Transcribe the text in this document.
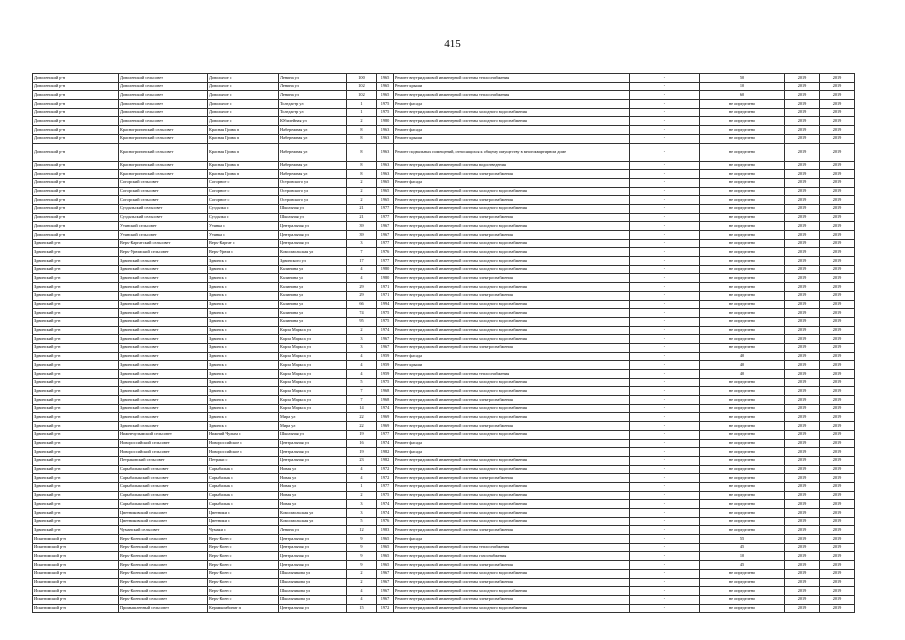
415
Доволенский р-н	Доволенский сельсовет	Довольное с	Ленина ул	100	1965	Ремонт внутридомовой инженерной системы теплоснабжения	-	50	2019	2019
Доволенский р-н	Доволенский сельсовет	Довольное с	Ленина ул	102	1965	Ремонт крыши	-	10	2019	2019
Доволенский р-н	Доволенский сельсовет	Довольное с	Ленина ул	102	1965	Ремонт внутридомовой инженерной системы теплоснабжения	-	60	2019	2019
Доволенский р-н	Доволенский сельсовет	Довольное с	Толедагтр ул	1	1975	Ремонт фасада	-	не определено	2019	2019
Доволенский р-н	Доволенский сельсовет	Довольное с	Толедагтр ул	1	1975	Ремонт внутридомовой инженерной системы холодного водоснабжения	-	не определено	2019	2019
Доволенский р-н	Доволенский сельсовет	Довольное с	Юбилейная ул	2	1980	Ремонт внутридомовой инженерной системы холодного водоснабжения	-	не определено	2019	2019
Доволенский р-н	Красногригинский сельсовет	Красная Грива п	Набережная ул	8	1963	Ремонт фасада	-	не определено	2019	2019
Доволенский р-н	Красногригинский сельсовет	Красная Грива п	Набережная ул	8	1963	Ремонт крыши	-	не определено	2019	2019
Доволенский р-н	Красногригинский сельсовет	Красная Грива п	Набережная ул	8	1963	Ремонт подвальных помещений, относящихся к общему имуществу в многоквартирном доме	-	не определено	2019	2019
Доволенский р-н	Красногригинский сельсовет	Красная Грива п	Набережная ул	8	1963	Ремонт внутридомовой инженерной системы водоотведения	-	не определено	2019	2019
Доволенский р-н	Красногригинский сельсовет	Красная Грива п	Набережная ул	8	1963	Ремонт внутридомовой инженерной системы электроснабжения	-	не определено	2019	2019
Доволенский р-н	Согорский сельсовет	Согорное с	Островского ул	2	1965	Ремонт фасада	-	не определено	2019	2019
Доволенский р-н	Согорский сельсовет	Согорное с	Островского ул	2	1965	Ремонт внутридомовой инженерной системы холодного водоснабжения	-	не определено	2019	2019
Доволенский р-н	Согорский сельсовет	Согорное с	Островского ул	2	1965	Ремонт внутридомовой инженерной системы электроснабжения	-	не определено	2019	2019
Доволенский р-н	Суздальский сельсовет	Суздалка с	Школьная ул	21	1977	Ремонт внутридомовой инженерной системы холодного водоснабжения	-	не определено	2019	2019
Доволенский р-н	Суздальский сельсовет	Суздалка с	Школьная ул	21	1977	Ремонт внутридомовой инженерной системы электроснабжения	-	не определено	2019	2019
Доволенский р-н	Утянский сельсовет	Утянка с	Центральная ул	39	1967	Ремонт внутридомовой инженерной системы холодного водоснабжения	-	не определено	2019	2019
Доволенский р-н	Утянский сельсовет	Утянка с	Центральная ул	39	1967	Ремонт внутридомовой инженерной системы электроснабжения	-	не определено	2019	2019
Здвинский р-н	Верх-Каргатский сельсовет	Верх-Каргат с	Центральная ул	3	1977	Ремонт внутридомовой инженерной системы холодного водоснабжения	-	не определено	2019	2019
Здвинский р-н	Верх-Урюмский сельсовет	Верх-Урюм с	Комсомольская ул	7	1976	Ремонт внутридомовой инженерной системы холодного водоснабжения	-	не определено	2019	2019
Здвинский р-н	Здвинский сельсовет	Здвинск с	Здвинского ул	17	1977	Ремонт внутридомовой инженерной системы холодного водоснабжения	-	не определено	2019	2019
Здвинский р-н	Здвинский сельсовет	Здвинск с	Калинина ул	4	1980	Ремонт внутридомовой инженерной системы холодного водоснабжения	-	не определено	2019	2019
Здвинский р-н	Здвинский сельсовет	Здвинск с	Калинина ул	4	1980	Ремонт внутридомовой инженерной системы электроснабжения	-	не определено	2019	2019
Здвинский р-н	Здвинский сельсовет	Здвинск с	Калинина ул	29	1971	Ремонт внутридомовой инженерной системы холодного водоснабжения	-	не определено	2019	2019
Здвинский р-н	Здвинский сельсовет	Здвинск с	Калинина ул	29	1971	Ремонт внутридомовой инженерной системы электроснабжения	-	не определено	2019	2019
Здвинский р-н	Здвинский сельсовет	Здвинск с	Калинина ул	66	1994	Ремонт внутридомовой инженерной системы холодного водоснабжения	-	не определено	2019	2019
Здвинский р-н	Здвинский сельсовет	Здвинск с	Калинина ул	74	1975	Ремонт внутридомовой инженерной системы холодного водоснабжения	-	не определено	2019	2019
Здвинский р-н	Здвинский сельсовет	Здвинск с	Калинина ул	95	1975	Ремонт внутридомовой инженерной системы холодного водоснабжения	-	не определено	2019	2019
Здвинский р-н	Здвинский сельсовет	Здвинск с	Карла Маркса ул	2	1974	Ремонт внутридомовой инженерной системы холодного водоснабжения	-	не определено	2019	2019
Здвинский р-н	Здвинский сельсовет	Здвинск с	Карла Маркса ул	3	1967	Ремонт внутридомовой инженерной системы холодного водоснабжения	-	не определено	2019	2019
Здвинский р-н	Здвинский сельсовет	Здвинск с	Карла Маркса ул	3	1967	Ремонт внутридомовой инженерной системы электроснабжения	-	не определено	2019	2019
Здвинский р-н	Здвинский сельсовет	Здвинск с	Карла Маркса ул	4	1959	Ремонт фасада	-	40	2019	2019
Здвинский р-н	Здвинский сельсовет	Здвинск с	Карла Маркса ул	4	1959	Ремонт крыши	-	40	2019	2019
Здвинский р-н	Здвинский сельсовет	Здвинск с	Карла Маркса ул	4	1959	Ремонт внутридомовой инженерной системы теплоснабжения	-	40	2019	2019
Здвинский р-н	Здвинский сельсовет	Здвинск с	Карла Маркса ул	5	1975	Ремонт внутридомовой инженерной системы холодного водоснабжения	-	не определено	2019	2019
Здвинский р-н	Здвинский сельсовет	Здвинск с	Карла Маркса ул	7	1968	Ремонт внутридомовой инженерной системы холодного водоснабжения	-	не определено	2019	2019
Здвинский р-н	Здвинский сельсовет	Здвинск с	Карла Маркса ул	7	1968	Ремонт внутридомовой инженерной системы электроснабжения	-	не определено	2019	2019
Здвинский р-н	Здвинский сельсовет	Здвинск с	Карла Маркса ул	14	1974	Ремонт внутридомовой инженерной системы холодного водоснабжения	-	не определено	2019	2019
Здвинский р-н	Здвинский сельсовет	Здвинск с	Мира ул	22	1969	Ремонт внутридомовой инженерной системы холодного водоснабжения	-	не определено	2019	2019
Здвинский р-н	Здвинский сельсовет	Здвинск с	Мира ул	22	1969	Ремонт внутридомовой инженерной системы электроснабжения	-	не определено	2019	2019
Здвинский р-н	Нижнечулымский сельсовет	Нижний Чулым с	Школьная ул	19	1977	Ремонт внутридомовой инженерной системы холодного водоснабжения	-	не определено	2019	2019
Здвинский р-н	Новороссийский сельсовет	Новороссийское с	Центральная ул	16	1974	Ремонт фасада	-	не определено	2019	2019
Здвинский р-н	Новороссийский сельсовет	Новороссийское с	Центральная ул	19	1982	Ремонт фасада	-	не определено	2019	2019
Здвинский р-н	Петраковский сельсовет	Петраки с	Центральная ул	23	1982	Ремонт внутридомовой инженерной системы холодного водоснабжения	-	не определено	2019	2019
Здвинский р-н	Сарыбалыкский сельсовет	Сарыбалык с	Новая ул	4	1972	Ремонт внутридомовой инженерной системы холодного водоснабжения	-	не определено	2019	2019
Здвинский р-н	Сарыбалыкский сельсовет	Сарыбалык с	Новая ул	4	1972	Ремонт внутридомовой инженерной системы электроснабжения	-	не определено	2019	2019
Здвинский р-н	Сарыбалыкский сельсовет	Сарыбалык с	Новая ул	1	1977	Ремонт внутридомовой инженерной системы холодного водоснабжения	-	не определено	2019	2019
Здвинский р-н	Сарыбалыкский сельсовет	Сарыбалык с	Новая ул	2	1975	Ремонт внутридомовой инженерной системы холодного водоснабжения	-	не определено	2019	2019
Здвинский р-н	Сарыбалыкский сельсовет	Сарыбалык с	Новая ул	3	1974	Ремонт внутридомовой инженерной системы холодного водоснабжения	-	не определено	2019	2019
Здвинский р-н	Цветниковский сельсовет	Цветники с	Комсомольская ул	3	1974	Ремонт внутридомовой инженерной системы холодного водоснабжения	-	не определено	2019	2019
Здвинский р-н	Цветниковский сельсовет	Цветники с	Комсомольская ул	5	1976	Ремонт внутридомовой инженерной системы холодного водоснабжения	-	не определено	2019	2019
Здвинский р-н	Чуманский сельсовет	Чумаки с	Ленина ул	12	1983	Ремонт внутридомовой инженерной системы электроснабжения	-	не определено	2019	2019
Искитимский р-н	Верх-Коенский сельсовет	Верх-Коен с	Центральная ул	9	1965	Ремонт фасада	-	55	2019	2019
Искитимский р-н	Верх-Коенский сельсовет	Верх-Коен с	Центральная ул	9	1965	Ремонт внутридомовой инженерной системы теплоснабжения	-	45	2019	2019
Искитимский р-н	Верх-Коенский сельсовет	Верх-Коен с	Центральная ул	9	1965	Ремонт внутридомовой инженерной системы газоснабжения	-	10	2019	2019
Искитимский р-н	Верх-Коенский сельсовет	Верх-Коен с	Центральная ул	9	1965	Ремонт внутридомовой инженерной системы электроснабжения	-	45	2019	2019
Искитимский р-н	Верх-Коенский сельсовет	Верх-Коен с	Школьникова ул	2	1967	Ремонт внутридомовой инженерной системы холодного водоснабжения	-	не определено	2019	2019
Искитимский р-н	Верх-Коенский сельсовет	Верх-Коен с	Школьникова ул	2	1967	Ремонт внутридомовой инженерной системы электроснабжения	-	не определено	2019	2019
Искитимский р-н	Верх-Коенский сельсовет	Верх-Коен с	Школьникова ул	4	1967	Ремонт внутридомовой инженерной системы холодного водоснабжения	-	не определено	2019	2019
Искитимский р-н	Верх-Коенский сельсовет	Верх-Коен с	Школьникова ул	4	1967	Ремонт внутридомовой инженерной системы электроснабжения	-	не определено	2019	2019
Искитимский р-н	Промышленный сельсовет	Керамкомбинат п	Центральная ул	15	1972	Ремонт внутридомовой инженерной системы холодного водоснабжения	-	не определено	2019	2019
